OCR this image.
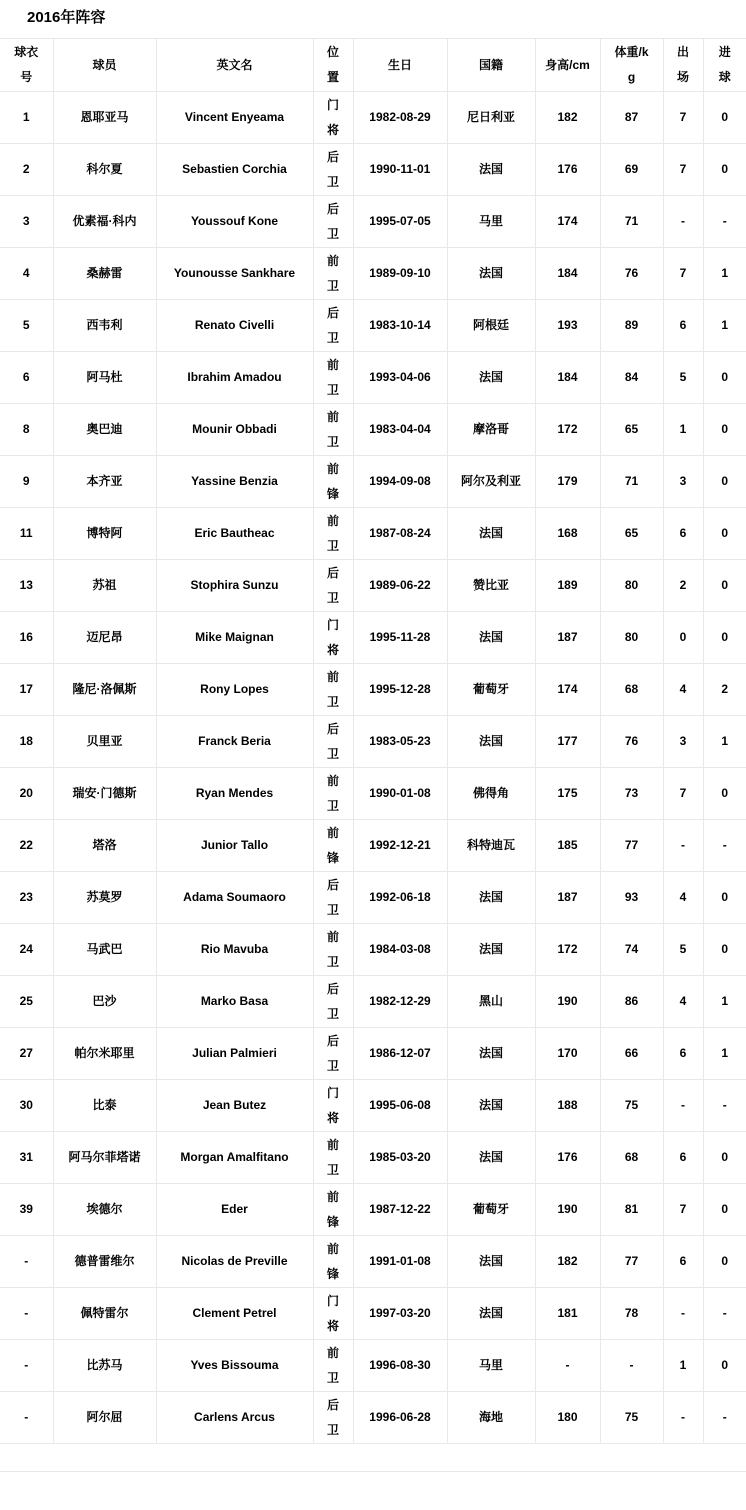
2016年阵容
球衣号	球员	英文名	位置	生日	国籍	身高/cm	体重/kg	出场	进球
1	恩耶亚马	Vincent Enyeama	门将	1982-08-29	尼日利亚	182	87	7	0
2	科尔夏	Sebastien Corchia	后卫	1990-11-01	法国	176	69	7	0
3	优素福·科内	Youssouf Kone	后卫	1995-07-05	马里	174	71	-	-
4	桑赫雷	Younousse Sankhare	前卫	1989-09-10	法国	184	76	7	1
5	西韦利	Renato Civelli	后卫	1983-10-14	阿根廷	193	89	6	1
6	阿马杜	Ibrahim Amadou	前卫	1993-04-06	法国	184	84	5	0
8	奥巴迪	Mounir Obbadi	前卫	1983-04-04	摩洛哥	172	65	1	0
9	本齐亚	Yassine Benzia	前锋	1994-09-08	阿尔及利亚	179	71	3	0
11	博特阿	Eric Bautheac	前卫	1987-08-24	法国	168	65	6	0
13	苏祖	Stophira Sunzu	后卫	1989-06-22	赞比亚	189	80	2	0
16	迈尼昂	Mike Maignan	门将	1995-11-28	法国	187	80	0	0
17	隆尼·洛佩斯	Rony Lopes	前卫	1995-12-28	葡萄牙	174	68	4	2
18	贝里亚	Franck Beria	后卫	1983-05-23	法国	177	76	3	1
20	瑞安·门德斯	Ryan Mendes	前卫	1990-01-08	佛得角	175	73	7	0
22	塔洛	Junior Tallo	前锋	1992-12-21	科特迪瓦	185	77	-	-
23	苏莫罗	Adama Soumaoro	后卫	1992-06-18	法国	187	93	4	0
24	马武巴	Rio Mavuba	前卫	1984-03-08	法国	172	74	5	0
25	巴沙	Marko Basa	后卫	1982-12-29	黑山	190	86	4	1
27	帕尔米耶里	Julian Palmieri	后卫	1986-12-07	法国	170	66	6	1
30	比泰	Jean Butez	门将	1995-06-08	法国	188	75	-	-
31	阿马尔菲塔诺	Morgan Amalfitano	前卫	1985-03-20	法国	176	68	6	0
39	埃德尔	Eder	前锋	1987-12-22	葡萄牙	190	81	7	0
-	德普雷维尔	Nicolas de Preville	前锋	1991-01-08	法国	182	77	6	0
-	佩特雷尔	Clement Petrel	门将	1997-03-20	法国	181	78	-	-
-	比苏马	Yves Bissouma	前卫	1996-08-30	马里	-	-	1	0
-	阿尔屈	Carlens Arcus	后卫	1996-06-28	海地	180	75	-	-
